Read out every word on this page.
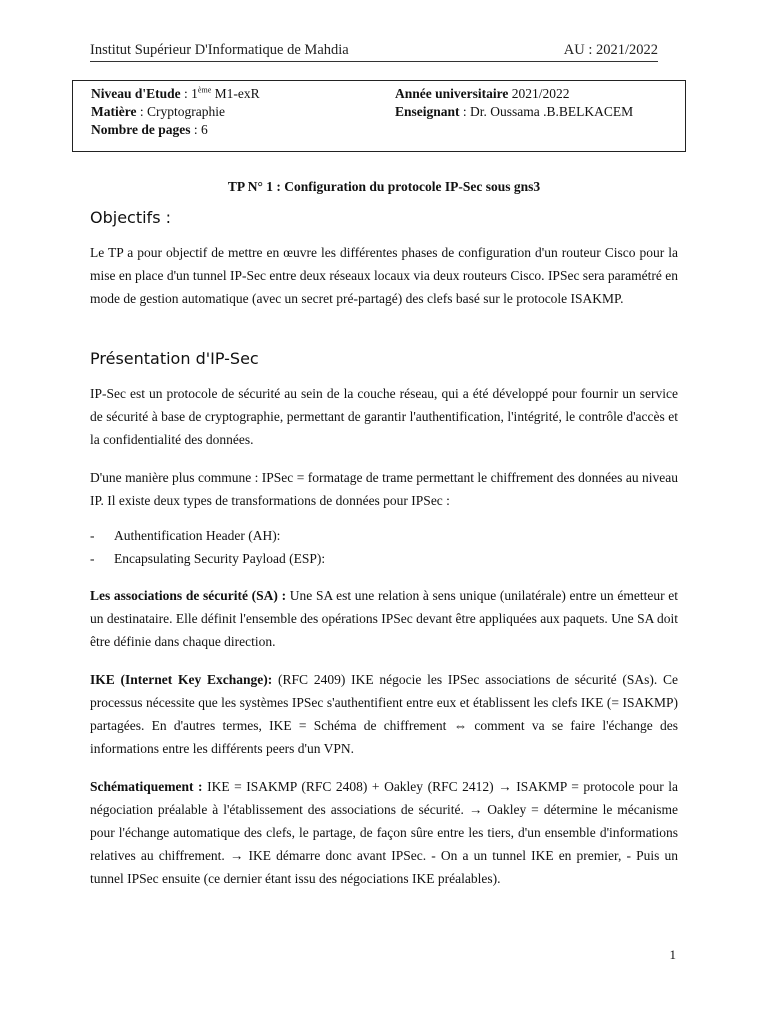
Institut Supérieur D'Informatique de Mahdia	AU : 2021/2022
Niveau d'Etude : 1ème M1-exR
Matière : Cryptographie
Nombre de pages : 6
Année universitaire 2021/2022
Enseignant : Dr. Oussama .B.BELKACEM
TP N° 1 : Configuration du protocole IP-Sec sous gns3
Objectifs :
Le TP a pour objectif de mettre en œuvre les différentes phases de configuration d'un routeur Cisco pour la mise en place d'un tunnel IP-Sec entre deux réseaux locaux via deux routeurs Cisco. IPSec sera paramétré en mode de gestion automatique (avec un secret pré-partagé) des clefs basé sur le protocole ISAKMP.
Présentation d'IP-Sec
IP-Sec est un protocole de sécurité au sein de la couche réseau, qui a été développé pour fournir un service de sécurité à base de cryptographie, permettant de garantir l'authentification, l'intégrité, le contrôle d'accès et la confidentialité des données.
D'une manière plus commune : IPSec = formatage de trame permettant le chiffrement des données au niveau IP. Il existe deux types de transformations de données pour IPSec :
- Authentification Header (AH):
- Encapsulating Security Payload (ESP):
Les associations de sécurité (SA) : Une SA est une relation à sens unique (unilatérale) entre un émetteur et un destinataire. Elle définit l'ensemble des opérations IPSec devant être appliquées aux paquets. Une SA doit être définie dans chaque direction.
IKE (Internet Key Exchange): (RFC 2409) IKE négocie les IPSec associations de sécurité (SAs). Ce processus nécessite que les systèmes IPSec s'authentifient entre eux et établissent les clefs IKE (= ISAKMP) partagées. En d'autres termes, IKE = Schéma de chiffrement ⇔ comment va se faire l'échange des informations entre les différents peers d'un VPN.
Schématiquement : IKE = ISAKMP (RFC 2408) + Oakley (RFC 2412) → ISAKMP = protocole pour la négociation préalable à l'établissement des associations de sécurité. → Oakley = détermine le mécanisme pour l'échange automatique des clefs, le partage, de façon sûre entre les tiers, d'un ensemble d'informations relatives au chiffrement. → IKE démarre donc avant IPSec. - On a un tunnel IKE en premier, - Puis un tunnel IPSec ensuite (ce dernier étant issu des négociations IKE préalables).
1
